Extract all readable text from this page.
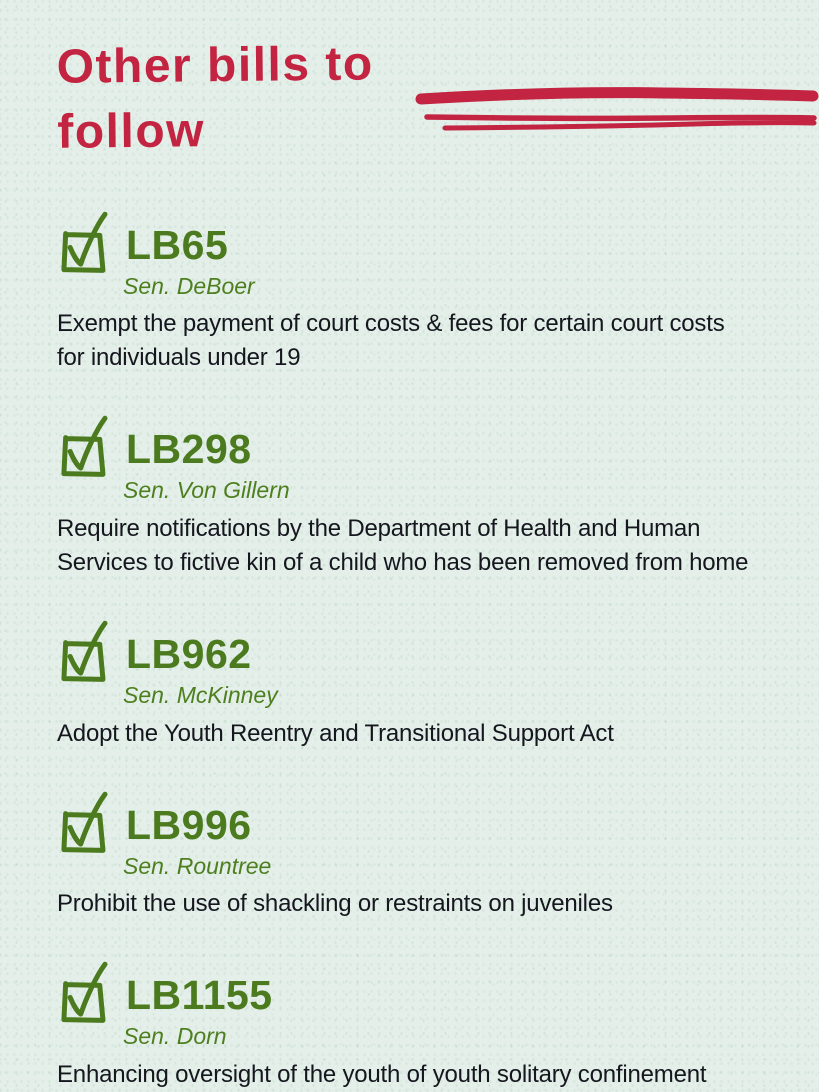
Other bills to follow
LB65
Sen. DeBoer
Exempt the payment of court costs & fees for certain court costs for individuals under 19
LB298
Sen. Von Gillern
Require notifications by the Department of Health and Human Services to fictive kin of a child who has been removed from home
LB962
Sen. McKinney
Adopt the Youth Reentry and Transitional Support Act
LB996
Sen. Rountree
Prohibit the use of shackling or restraints on juveniles
LB1155
Sen. Dorn
Enhancing oversight of the youth of youth solitary confinement
